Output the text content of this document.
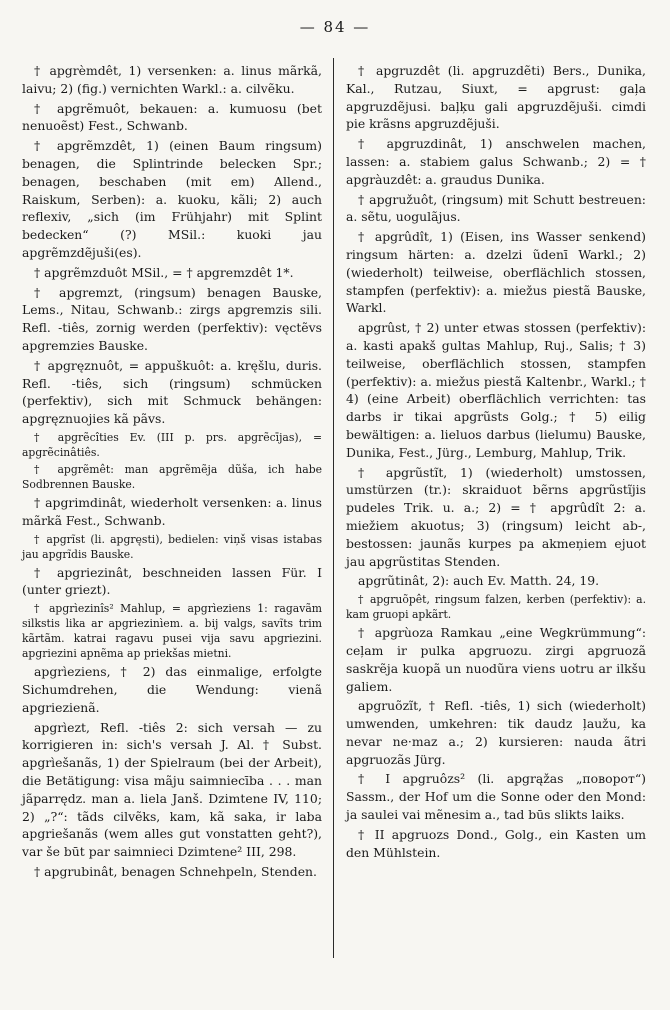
— 84 —

† apgrèmdêt, 1) versenken: a. linus mãrkã, laivu; 2) (fig.) vernichten Warkl.: a. cilvẽku.

† apgrẽmuôt, bekauen: a. kumuosu (bet nenuoẽst) Fest., Schwanb.

† apgrẽmzdêt, 1) (einen Baum ringsum) benagen, die Splintrinde belecken Spr.; benagen, beschaben (mit em) Allend., Raiskum, Serben): a. kuoku, kãli; 2) auch reflexiv, „sich (im Frühjahr) mit Splint bedecken“ (?) MSil.: kuoki jau apgrẽmzdẽjuši(es).

† apgrẽmzduôt MSil., = † apgremzdêt 1*.

† apgremzt, (ringsum) benagen Bauske, Lems., Nitau, Schwanb.: zirgs apgremzis sili. Refl. -tiês, zornig werden (perfektiv): vęctẽvs apgremzies Bauske.

† apgręznuôt, = appuškuôt: a. kręšlu, duris. Refl. -tiês, sich (ringsum) schmücken (perfektiv), sich mit Schmuck behängen: apgręznuojies kã pãvs.

† apgrẽcîties Ev. (III p. prs. apgrẽcījas), = apgrẽcinâtiês.

† apgrẽmêt: man apgrẽmẽja dũša, ich habe Sodbrennen Bauske.

† apgrimdinât, wiederholt versenken: a. linus mãrkã Fest., Schwanb.

† apgrĩst (li. apgręsti), bedielen: viņš visas istabas jau apgrĩdis Bauske.

† apgriezinât, beschneiden lassen Für. I (unter griezt).

† apgrìezinîs² Mahlup, = apgrìeziens 1: ragavãm silkstis lika ar apgriezinìem. a. bij valgs, savĩts trim kãrtãm. katrai ragavu pusei vija savu apgriezini. apgriezini apnẽma ap priekšas mietni.

apgrìeziens, † 2) das einmalige, erfolgte Sichumdrehen, die Wendung: vienã apgriezienã.

apgrìezt, Refl. -tiês 2: sich versah — zu korrigieren in: sich's versah J. Al. † Subst. apgrìešanãs, 1) der Spielraum (bei der Arbeit), die Betätigung: visa mãju saimniecība . . . man jãparrędz. man a. liela Janš. Dzimtene IV, 110; 2) „?“: tãds cilvẽks, kam, kã saka, ir laba apgriešanãs (wem alles gut vonstatten geht?), var še būt par saimnieci Dzimtene² III, 298.

† apgrubinât, benagen Schnehpeln, Stenden.

† apgruzdêt (li. apgruzdẽti) Bers., Dunika, Kal., Rutzau, Siuxt, = apgrust: gaļa apgruzdẽjusi. baļķu gali apgruzdẽjuši. cimdi pie krãsns apgruzdẽjuši.

† apgruzdinât, 1) anschwelen machen, lassen: a. stabiem galus Schwanb.; 2) = † apgràuzdêt: a. graudus Dunika.

† apgružuôt, (ringsum) mit Schutt bestreuen: a. sẽtu, uogulãjus.

† apgrûdît, 1) (Eisen, ins Wasser senkend) ringsum härten: a. dzelzi ũdenī Warkl.; 2) (wiederholt) teilweise, oberflächlich stossen, stampfen (perfektiv): a. miežus piestã Bauske, Warkl.

apgrûst, † 2) unter etwas stossen (perfektiv): a. kasti apakš gultas Mahlup, Ruj., Salis; † 3) teilweise, oberflächlich stossen, stampfen (perfektiv): a. miežus piestã Kaltenbr., Warkl.; † 4) (eine Arbeit) oberflächlich verrichten: tas darbs ir tikai apgrũsts Golg.; † 5) eilig bewältigen: a. lieluos darbus (lielumu) Bauske, Dunika, Fest., Jürg., Lemburg, Mahlup, Trik.

† apgrũstĩt, 1) (wiederholt) umstossen, umstürzen (tr.): skraiduot bẽrns apgrũstĩjis pudeles Trik. u. a.; 2) = † apgrûdît 2: a. miežiem akuotus; 3) (ringsum) leicht ab-, bestossen: jaunãs kurpes pa akmeņiem ejuot jau apgrũstitas Stenden.

apgrũtinât, 2): auch Ev. Matth. 24, 19.

† apgruõpêt, ringsum falzen, kerben (perfektiv): a. kam gruopi apkãrt.

† apgrùoza Ramkau „eine Wegkrümmung“: ceļam ir pulka apgruozu. zirgi apgruozã saskrẽja kuopã un nuodũra viens uotru ar ilkšu galiem.

apgruõzĩt, † Refl. -tiês, 1) sich (wiederholt) umwenden, umkehren: tik daudz ļaužu, ka nevar ne·maz a.; 2) kursieren: nauda ãtri apgruozãs Jürg.

† I apgruôzs² (li. apgrąžas „поворот“) Sassm., der Hof um die Sonne oder den Mond: ja saulei vai mẽnesim a., tad būs slikts laiks.

† II apgruozs Dond., Golg., ein Kasten um den Mühlstein.
